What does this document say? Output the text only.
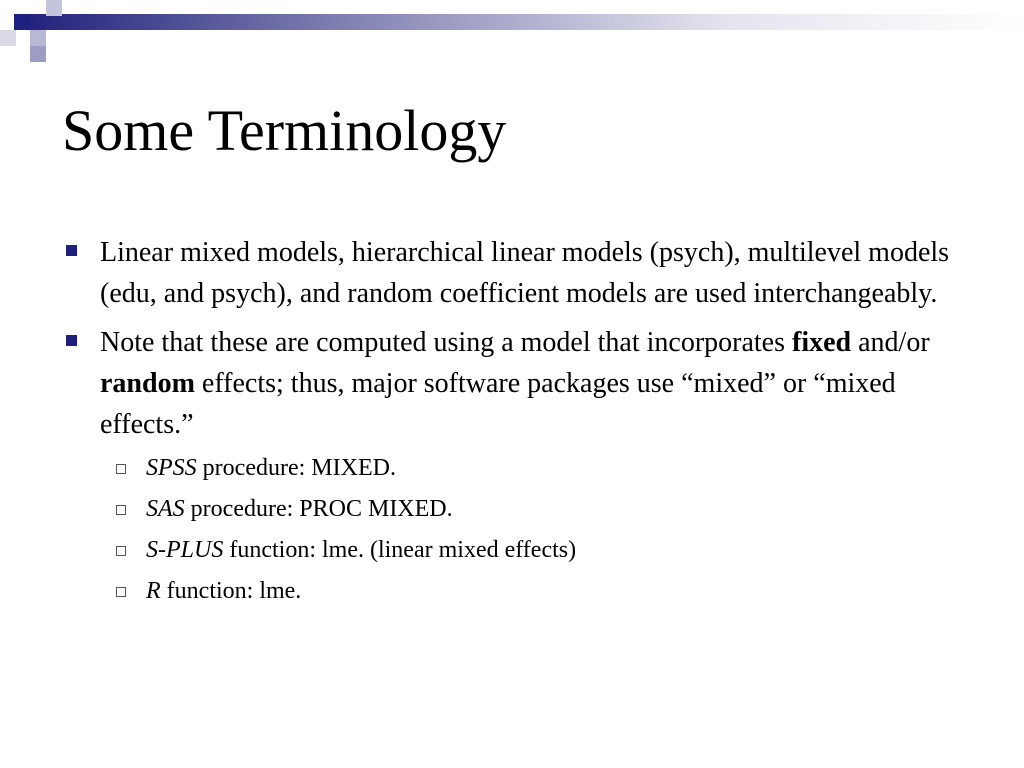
Some Terminology
Linear mixed models, hierarchical linear models (psych), multilevel models (edu, and psych), and random coefficient models are used interchangeably.
Note that these are computed using a model that incorporates fixed and/or random effects; thus, major software packages use “mixed” or “mixed effects.”
SPSS procedure: MIXED.
SAS procedure: PROC MIXED.
S-PLUS function: lme. (linear mixed effects)
R function: lme.
